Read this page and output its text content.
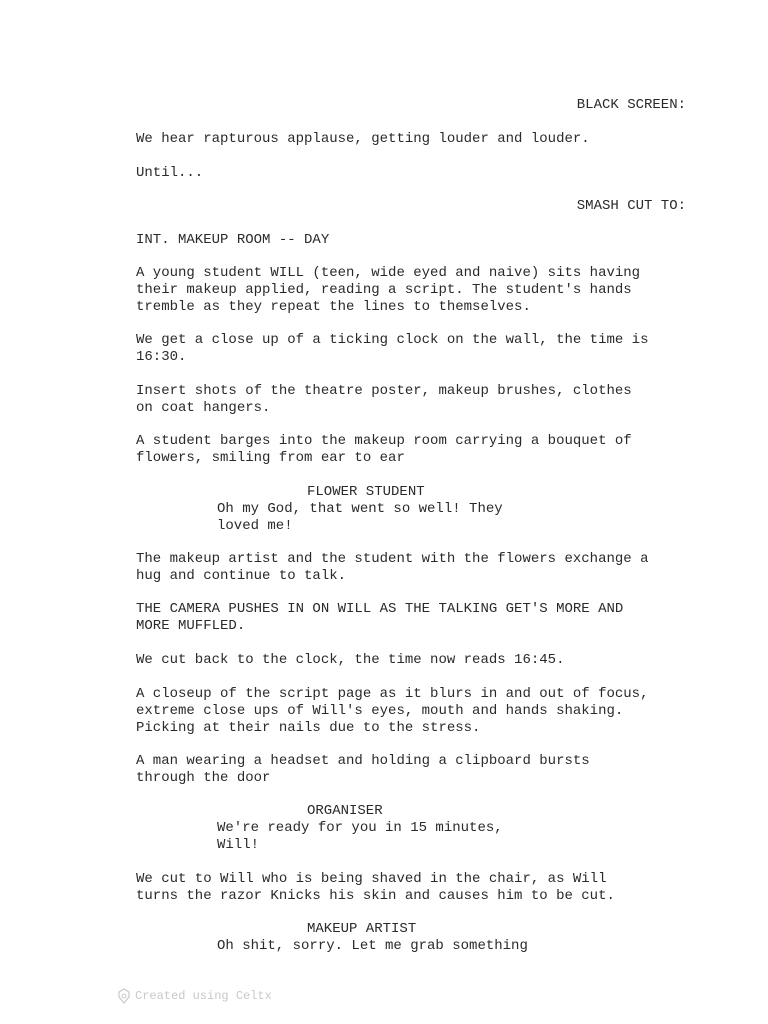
BLACK SCREEN:
We hear rapturous applause, getting louder and louder.
Until...
SMASH CUT TO:
INT. MAKEUP ROOM -- DAY
A young student WILL (teen, wide eyed and naive) sits having
their makeup applied, reading a script. The student's hands
tremble as they repeat the lines to themselves.
We get a close up of a ticking clock on the wall, the time is
16:30.
Insert shots of the theatre poster, makeup brushes, clothes
on coat hangers.
A student barges into the makeup room carrying a bouquet of
flowers, smiling from ear to ear
FLOWER STUDENT
Oh my God, that went so well! They
loved me!
The makeup artist and the student with the flowers exchange a
hug and continue to talk.
THE CAMERA PUSHES IN ON WILL AS THE TALKING GET'S MORE AND
MORE MUFFLED.
We cut back to the clock, the time now reads 16:45.
A closeup of the script page as it blurs in and out of focus,
extreme close ups of Will's eyes, mouth and hands shaking.
Picking at their nails due to the stress.
A man wearing a headset and holding a clipboard bursts
through the door
ORGANISER
We're ready for you in 15 minutes,
Will!
We cut to Will who is being shaved in the chair, as Will
turns the razor Knicks his skin and causes him to be cut.
MAKEUP ARTIST
Oh shit, sorry. Let me grab something
Created using Celtx
